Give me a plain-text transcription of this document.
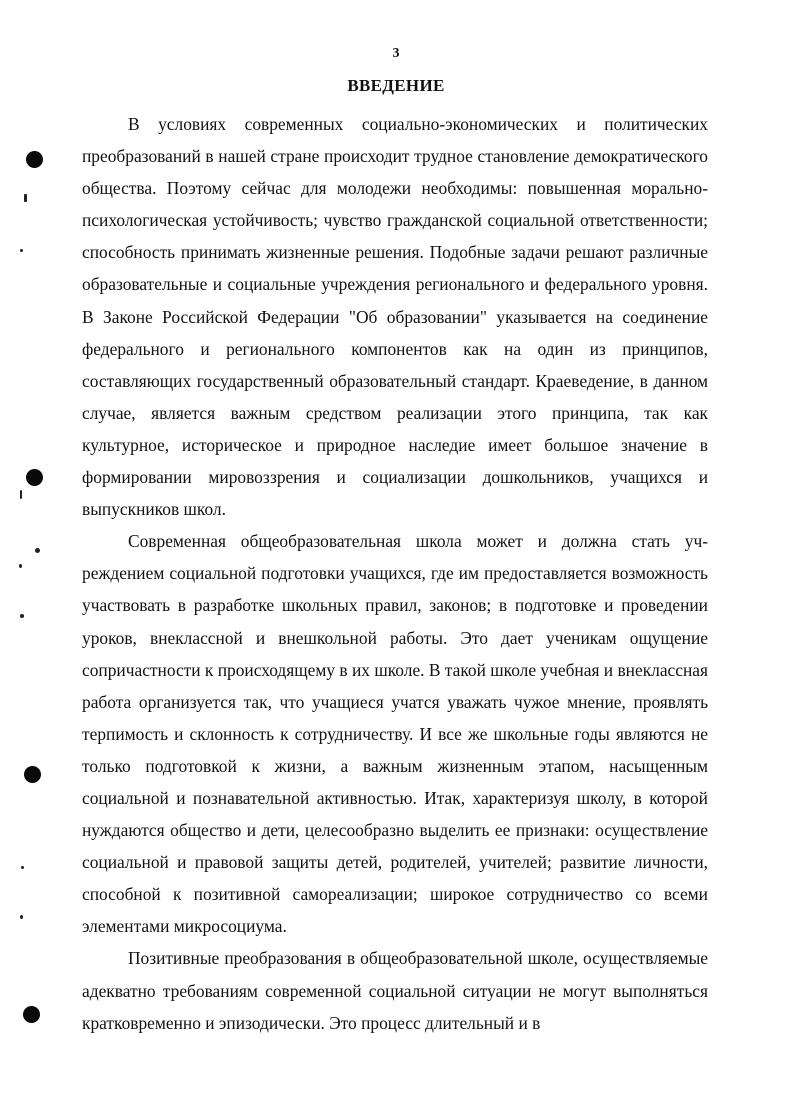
3
ВВЕДЕНИЕ

В условиях современных социально-экономических и политических преобразований в нашей стране происходит трудное становление демократического общества. Поэтому сейчас для молодежи необходимы: повышенная морально-психологическая устойчивость; чувство гражданской социальной ответственности; способность принимать жизненные решения. Подобные задачи решают различные образовательные и социальные учреждения регионального и федерального уровня. В Законе Российской Федерации "Об образовании" указывается на соединение федерального и регионального компонентов как на один из принципов, составляющих государственный образовательный стандарт. Краеведение, в данном случае, является важным средством реализации этого принципа, так как культурное, историческое и природное наследие имеет большое значение в формировании мировоззрения и социализации дошкольников, учащихся и выпускников школ.

Современная общеобразовательная школа может и должна стать учреждением социальной подготовки учащихся, где им предоставляется возможность участвовать в разработке школьных правил, законов; в подготовке и проведении уроков, внеклассной и внешкольной работы. Это дает ученикам ощущение сопричастности к происходящему в их школе. В такой школе учебная и внеклассная работа организуется так, что учащиеся учатся уважать чужое мнение, проявлять терпимость и склонность к сотрудничеству. И все же школьные годы являются не только подготовкой к жизни, а важным жизненным этапом, насыщенным социальной и познавательной активностью. Итак, характеризуя школу, в которой нуждаются общество и дети, целесообразно выделить ее признаки: осуществление социальной и правовой защиты детей, родителей, учителей; развитие личности, способной к позитивной самореализации; широкое сотрудничество со всеми элементами микросоциума.

Позитивные преобразования в общеобразовательной школе, осуществляемые адекватно требованиям современной социальной ситуации не могут выполняться кратковременно и эпизодически. Это процесс длительный и в
